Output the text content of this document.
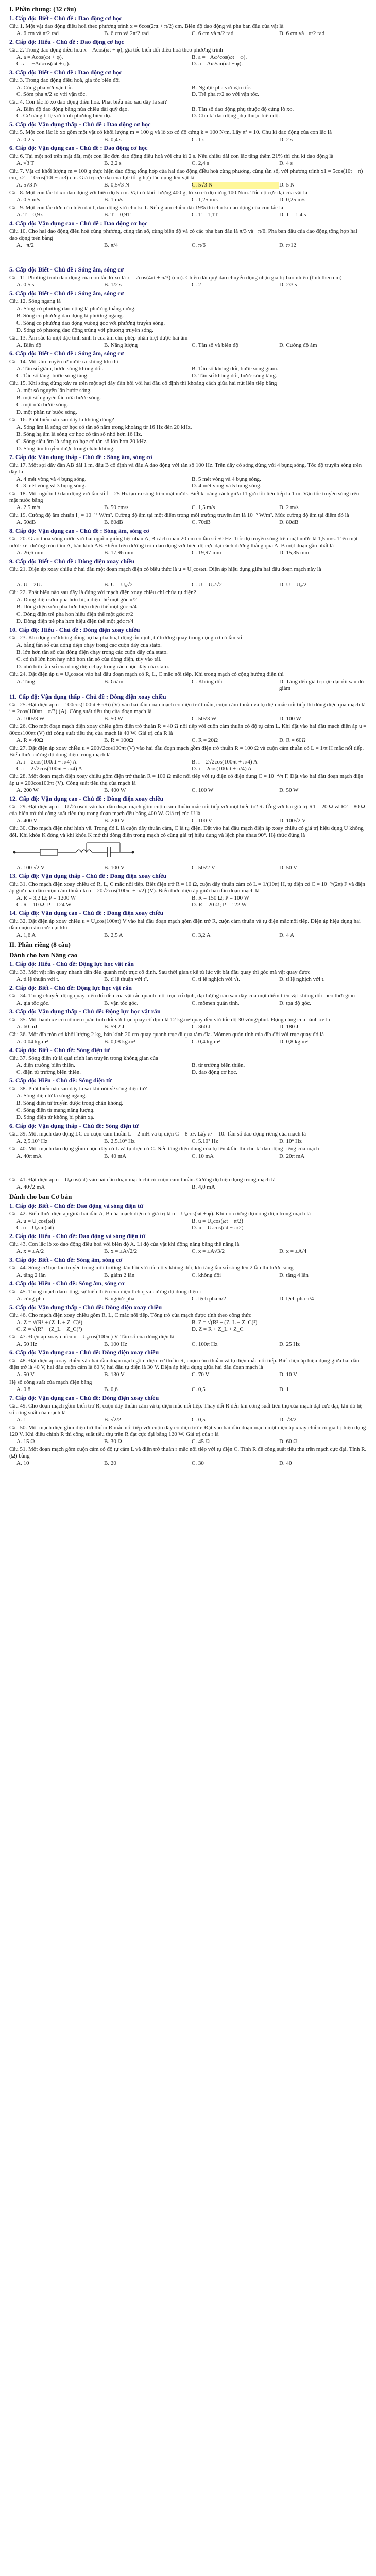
I. Phần chung: (32 câu)
1. Cấp độ: Biết - Chủ đề : Dao động cơ học
Câu 1. Một vật dao động điều hoà theo phương trình x = 6cos(2πt + π/2) cm. Biên độ dao động và pha ban đầu của vật là
A. 6 cm và π/2 rad	B. 6 cm và 2π/2 rad	C. 6 cm và π/2 rad	D. 6 cm và −π/2 rad
2. Cấp độ: Hiểu - Chủ đề : Dao động cơ học
Câu 2. Trong dao động điều hoà x = Acos(ωt + φ), gia tốc biến đổi điều hoà theo phương trình
A. a = Acos(ωt + φ).	B. a = −Aω²cos(ωt + φ).
C. a = −Aωcos(ωt + φ).	D. a = Aω²sin(ωt + φ).
3. Cấp độ: Biết - Chủ đề : Dao động cơ học
Câu 3. Trong dao động điều hoà, gia tốc biến đổi
A. Cùng pha với vận tốc.	B. Ngược pha với vận tốc.
C. Sớm pha π/2 so với vận tốc.	D. Trễ pha π/2 so với vận tốc.
Câu 4. Con lắc lò xo dao động điều hoà. Phát biểu nào sau đây là sai?
A. Biên độ dao động bằng nửa chiều dài quỹ đạo.	B. Tần số dao động phụ thuộc độ cứng lò xo.
C. Cơ năng tỉ lệ với bình phương biên độ.	D. Chu kì dao động phụ thuộc biên độ.
5. Cấp độ: Vận dụng thấp - Chủ đề : Dao động cơ học
Câu 5. Một con lắc lò xo gồm một vật có khối lượng m = 100 g và lò xo có độ cứng k = 100 N/m. Lấy π² = 10. Chu kì dao động của con lắc là
A. 0,2 s	B. 0,4 s	C. 1 s	D. 2 s
6. Cấp độ: Vận dụng cao - Chủ đề : Dao động cơ học
Câu 6. Tại một nơi trên mặt đất, một con lắc đơn dao động điều hoà với chu kì 2 s. Nếu chiều dài con lắc tăng thêm 21% thì chu kì dao động là
A. √3 T	B. 2,2 s	C. 2,4 s	D. 4 s
Câu 7. Vật có khối lượng m = 100 g thực hiện dao động tổng hợp của hai dao động điều hoà cùng phương, cùng tần số, với phương trình x1 = 5cos(10t + π) cm, x2 = 10cos(10t − π/3) cm. Giá trị cực đại của lực tổng hợp tác dụng lên vật là
A. 5√3 N	B. 0,5√3 N	C. 5√3 N	D. 5 N
Câu 8. Một con lắc lò xo dao động với biên độ 5 cm. Vật có khối lượng 400 g, lò xo có độ cứng 100 N/m. Tốc độ cực đại của vật là
A. 0,5 m/s	B. 1 m/s	C. 1,25 m/s	D. 0,25 m/s
Câu 9. Một con lắc đơn có chiều dài l, dao động với chu kì T. Nếu giảm chiều dài 19% thì chu kì dao động của con lắc là
A. T = 0,9 s	B. T = 0,9T	C. T = 1,1T	D. T = 1,4 s
4. Cấp độ: Vận dụng cao - Chủ đề : Dao động cơ học
Câu 10. Cho hai dao động điều hoà cùng phương, cùng tần số, cùng biên độ và có các pha ban đầu là π/3 và −π/6. Pha ban đầu của dao động tổng hợp hai dao động trên bằng
A. −π/2	B. π/4	C. π/6	D. π/12
5. Cấp độ: Biết - Chủ đề : Sóng âm, sóng cơ
Câu 11. Phương trình dao động của con lắc lò xo là x = 2cos(4πt + π/3) (cm). Chiều dài quỹ đạo chuyển động nhận giá trị bao nhiêu (tính theo cm)
A. 0,5 s	B. 1/2 s	C. 2	D. 2/3 s
5. Cấp độ: Biết - Chủ đề : Sóng âm, sóng cơ
Câu 12. Sóng ngang là
A. Sóng có phương dao động là phương thẳng đứng.
B. Sóng có phương dao động là phương ngang.
C. Sóng có phương dao động vuông góc với phương truyền sóng.
D. Sóng có phương dao động trùng với phương truyền sóng.
Câu 13. Âm sắc là một đặc tính sinh lí của âm cho phép phân biệt được hai âm
A. Biên độ	B. Năng lượng	C. Tần số và biên độ	D. Cường độ âm
6. Cấp độ: Biết - Chủ đề : Sóng âm, sóng cơ
Câu 14. Một âm truyền từ nước ra không khí thì
A. Tần số giảm, bước sóng không đổi.	B. Tần số không đổi, bước sóng giảm.
C. Tần số tăng, bước sóng tăng.	D. Tần số không đổi, bước sóng tăng.
Câu 15. Khi sóng dừng xảy ra trên một sợi dây đàn hồi với hai đầu cố định thì khoảng cách giữa hai nút liên tiếp bằng
A. một số nguyên lần bước sóng.
B. một số nguyên lần nửa bước sóng.
C. một nửa bước sóng.
D. một phần tư bước sóng.
Câu 16. Phát biểu nào sau đây là không đúng?
A. Sóng âm là sóng cơ học có tần số nằm trong khoảng từ 16 Hz đến 20 kHz.
B. Sóng hạ âm là sóng cơ học có tần số nhỏ hơn 16 Hz.
C. Sóng siêu âm là sóng cơ học có tần số lớn hơn 20 kHz.
D. Sóng âm truyền được trong chân không.
7. Cấp độ: Vận dụng thấp - Chủ đề : Sóng âm, sóng cơ
Câu 17. Một sợi dây đàn AB dài 1 m, đầu B cố định và đầu A dao động với tần số 100 Hz. Trên dây có sóng dừng với 4 bụng sóng. Tốc độ truyền sóng trên dây là
A. 4 mét vòng và 4 bụng sóng.	B. 5 mét vòng và 4 bụng sóng.
C. 3 mét vòng và 3 bụng sóng.	D. 4 mét vòng và 5 bụng sóng.
Câu 18. Một nguồn O dao động với tần số f = 25 Hz tạo ra sóng trên mặt nước. Biết khoảng cách giữa 11 gợn lồi liên tiếp là 1 m. Vận tốc truyền sóng trên mặt nước bằng
A. 2,5 m/s	B. 50 cm/s	C. 1,5 m/s	D. 2 m/s
Câu 19. Cường độ âm chuẩn I₀ = 10⁻¹² W/m². Cường độ âm tại một điểm trong môi trường truyền âm là 10⁻⁵ W/m². Mức cường độ âm tại điểm đó là
A. 50dB	B. 60dB	C. 70dB	D. 80dB
8. Cấp độ: Vận dụng cao - Chủ đề : Sóng âm, sóng cơ
Câu 20. Giao thoa sóng nước với hai nguồn giống hệt nhau A, B cách nhau 20 cm có tần số 50 Hz. Tốc độ truyền sóng trên mặt nước là 1,5 m/s. Trên mặt nước xét đường tròn tâm A, bán kính AB. Điểm trên đường tròn dao động với biên độ cực đại cách đường thẳng qua A, B một đoạn gần nhất là
A. 26,6 mm	B. 17,96 mm	C. 19,97 mm	D. 15,35 mm
9. Cấp độ: Biết - Chủ đề : Dòng điện xoay chiều
Câu 21. Điện áp xoay chiều ở hai đầu một đoạn mạch điện có biểu thức là u = U₀cosωt. Điện áp hiệu dụng giữa hai đầu đoạn mạch này là
A. U = 2U₀	B. U = U₀√2	C. U = U₀/√2	D. U = U₀/2
Câu 22. Phát biểu nào sau đây là đúng với mạch điện xoay chiều chỉ chứa tụ điện?
A. Dòng điện sớm pha hơn hiệu điện thế một góc π/2
B. Dòng điện sớm pha hơn hiệu điện thế một góc π/4
C. Dòng điện trễ pha hơn hiệu điện thế một góc π/2
D. Dòng điện trễ pha hơn hiệu điện thế một góc π/4
10. Cấp độ: Hiểu - Chủ đề : Dòng điện xoay chiều
Câu 23. Khi động cơ không đồng bộ ba pha hoạt động ổn định, từ trường quay trong động cơ có tần số
A. bằng tần số của dòng điện chạy trong các cuộn dây của stato.
B. lớn hơn tần số của dòng điện chạy trong các cuộn dây của stato.
C. có thể lớn hơn hay nhỏ hơn tần số của dòng điện, tùy vào tải.
D. nhỏ hơn tần số của dòng điện chạy trong các cuộn dây của stato.
Câu 24. Đặt điện áp u = U₀cosωt vào hai đầu đoạn mạch có R, L, C mắc nối tiếp. Khi trong mạch có cộng hưởng điện thì
A. Tăng	B. Giảm	C. Không đổi	D. Tăng đến giá trị cực đại rồi sau đó giảm
11. Cấp độ: Vận dụng thấp - Chủ đề : Dòng điện xoay chiều
Câu 25. Đặt điện áp u = 100cos(100πt + π/6) (V) vào hai đầu đoạn mạch có điện trở thuần, cuộn cảm thuần và tụ điện mắc nối tiếp thì dòng điện qua mạch là i = 2cos(100πt + π/3) (A). Công suất tiêu thụ của đoạn mạch là
A. 100√3 W	B. 50 W	C. 50√3 W	D. 100 W
Câu 26. Cho một đoạn mạch điện xoay chiều gồm điện trở thuần R = 40 Ω nối tiếp với cuộn cảm thuần có độ tự cảm L. Khi đặt vào hai đầu mạch điện áp u = 80cos100πt (V) thì công suất tiêu thụ của mạch là 40 W. Giá trị của R là
A. R = 40Ω	B. R = 100Ω	C. R = 20Ω	D. R = 60Ω
Câu 27. Đặt điện áp xoay chiều u = 200√2cos100πt (V) vào hai đầu đoạn mạch gồm điện trở thuần R = 100 Ω và cuộn cảm thuần có L = 1/π H mắc nối tiếp. Biểu thức cường độ dòng điện trong mạch là
A. i = 2cos(100πt − π/4) A	B. i = 2√2cos(100πt + π/4) A
C. i = 2√2cos(100πt − π/4) A	D. i = 2cos(100πt + π/4) A
Câu 28. Một đoạn mạch điện xoay chiều gồm điện trở thuần R = 100 Ω mắc nối tiếp với tụ điện có điện dung C = 10⁻⁴/π F. Đặt vào hai đầu đoạn mạch điện áp u = 200cos100πt (V). Công suất tiêu thụ của mạch là
A. 200 W	B. 400 W	C. 100 W	D. 50 W
12. Cấp độ: Vận dụng cao - Chủ đề : Dòng điện xoay chiều
Câu 29. Đặt điện áp u = U√2cosωt vào hai đầu đoạn mạch gồm cuộn cảm thuần mắc nối tiếp với một biến trở R. Ứng với hai giá trị R1 = 20 Ω và R2 = 80 Ω của biến trở thì công suất tiêu thụ trong đoạn mạch đều bằng 400 W. Giá trị của U là
A. 400 V	B. 200 V	C. 100 V	D. 100√2 V
Câu 30. Cho mạch điện như hình vẽ. Trong đó L là cuộn dây thuần cảm, C là tụ điện. Đặt vào hai đầu mạch điện áp xoay chiều có giá trị hiệu dụng U không đổi. Khi khóa K đóng và khi khóa K mở thì dòng điện trong mạch có cùng giá trị hiệu dụng và lệch pha nhau 90°. Hệ thức đúng là
A. 100 √2 V	B. 100 V	C. 50√2 V	D. 50 V
13. Cấp độ: Vận dụng thấp - Chủ đề : Dòng điện xoay chiều
Câu 31. Cho mạch điện xoay chiều có R, L, C mắc nối tiếp. Biết điện trở R = 10 Ω, cuộn dây thuần cảm có L = 1/(10π) H, tụ điện có C = 10⁻³/(2π) F và điện áp giữa hai đầu cuộn cảm thuần là u = 20√2cos(100πt + π/2) (V). Biểu thức điện áp giữa hai đầu đoạn mạch là
A. R = 3,2 Ω; P = 1200 W	B. R = 150 Ω; P = 100 W
C. R = 10 Ω; P = 124 W	D. R = 20 Ω; P = 122 W
14. Cấp độ: Vận dụng cao - Chủ đề : Dòng điện xoay chiều
Câu 32. Đặt điện áp xoay chiều u = U₀cos(100πt) V vào hai đầu đoạn mạch gồm điện trở R, cuộn cảm thuần và tụ điện mắc nối tiếp. Điện áp hiệu dụng hai đầu cuộn cảm cực đại khi
A. 1,6 A	B. 2,5 A	C. 3,2 A	D. 4 A
II. Phần riêng (8 câu)
Dành cho ban Nâng cao
1. Cấp độ: Hiểu - Chủ đề: Động lực học vật rắn
Câu 33. Một vật rắn quay nhanh dần đều quanh một trục cố định. Sau thời gian t kể từ lúc vật bắt đầu quay thì góc mà vật quay được
A. tỉ lệ thuận với t.	B. tỉ lệ thuận với t².	C. tỉ lệ nghịch với √t.	D. tỉ lệ nghịch với t.
2. Cấp độ: Biết - Chủ đề: Động lực học vật rắn
Câu 34. Trong chuyển động quay biến đổi đều của vật rắn quanh một trục cố định, đại lượng nào sau đây của một điểm trên vật không đổi theo thời gian
A. gia tốc góc.	B. vận tốc góc.	C. mômen quán tính.	D. tọa độ góc.
3. Cấp độ: Vận dụng thấp - Chủ đề: Động lực học vật rắn
Câu 35. Một bánh xe có mômen quán tính đối với trục quay cố định là 12 kg.m² quay đều với tốc độ 30 vòng/phút. Động năng của bánh xe là
A. 60 mJ	B. 59,2 J	C. 360 J	D. 180 J
Câu 36. Một đĩa tròn có khối lượng 2 kg, bán kính 20 cm quay quanh trục đi qua tâm đĩa. Mômen quán tính của đĩa đối với trục quay đó là
A. 0,04 kg.m²	B. 0,08 kg.m²	C. 0,4 kg.m²	D. 0,8 kg.m²
4. Cấp độ: Biết - Chủ đề: Sóng điện từ
Câu 37. Sóng điện từ là quá trình lan truyền trong không gian của
A. điện trường biến thiên.	B. từ trường biến thiên.
C. điện từ trường biến thiên.	D. dao động cơ học.
5. Cấp độ: Hiểu - Chủ đề: Sóng điện từ
Câu 38. Phát biểu nào sau đây là sai khi nói về sóng điện từ?
A. Sóng điện từ là sóng ngang.
B. Sóng điện từ truyền được trong chân không.
C. Sóng điện từ mang năng lượng.
D. Sóng điện từ không bị phản xạ.
6. Cấp độ: Vận dụng thấp - Chủ đề: Sóng điện từ
Câu 39. Một mạch dao động LC có cuộn cảm thuần L = 2 mH và tụ điện C = 8 pF. Lấy π² = 10. Tần số dao động riêng của mạch là
A. 2,5.10⁵ Hz	B. 2,5.10⁶ Hz	C. 5.10⁵ Hz	D. 10⁶ Hz
Câu 40. Một mạch dao động gồm cuộn dây có L và tụ điện có C. Nếu tăng điện dung của tụ lên 4 lần thì chu kì dao động riêng của mạch
A. 40π mA	B. 40 mA	C. 10 mA	D. 20π mA
Câu 41. Đặt điện áp u = U₀cos(ωt) vào hai đầu đoạn mạch chỉ có cuộn cảm thuần. Cường độ hiệu dụng trong mạch là
A. 40√2 mA	B. 4,0 mA
Dành cho ban Cơ bản
1. Cấp độ: Biết - Chủ đề: Dao động và sóng điện từ
Câu 42. Biểu thức điện áp giữa hai đầu A, B của mạch điện có giá trị là u = U₀cos(ωt + φ). Khi đó cường độ dòng điện trong mạch là
A. u = U₀cos(ωt)	B. u = U₀cos(ωt + π/2)
C. u = U₀sin(ωt)	D. u = U₀cos(ωt − π/2)
2. Cấp độ: Hiểu - Chủ đề: Dao động và sóng điện từ
Câu 43. Con lắc lò xo dao động điều hoà với biên độ A. Li độ của vật khi động năng bằng thế năng là
A. x = ±A/2	B. x = ±A√2/2	C. x = ±A√3/2	D. x = ±A/4
3. Cấp độ: Biết - Chủ đề: Sóng âm, sóng cơ
Câu 44. Sóng cơ học lan truyền trong môi trường đàn hồi với tốc độ v không đổi, khi tăng tần số sóng lên 2 lần thì bước sóng
A. tăng 2 lần	B. giảm 2 lần	C. không đổi	D. tăng 4 lần
4. Cấp độ: Hiểu - Chủ đề: Sóng âm, sóng cơ
Câu 45. Trong mạch dao động, sự biến thiên của điện tích q và cường độ dòng điện i
A. cùng pha	B. ngược pha	C. lệch pha π/2	D. lệch pha π/4
5. Cấp độ: Vận dụng thấp - Chủ đề: Dòng điện xoay chiều
Câu 46. Cho mạch điện xoay chiều gồm R, L, C mắc nối tiếp. Tổng trở của mạch được tính theo công thức
A. Z = √(R² + (Z_L + Z_C)²)	B. Z = √(R² + (Z_L − Z_C)²)
C. Z = √(R² − (Z_L − Z_C)²)	D. Z = R + Z_L + Z_C
Câu 47. Điện áp xoay chiều u = U₀cos(100πt) V. Tần số của dòng điện là
A. 50 Hz	B. 100 Hz	C. 100π Hz	D. 25 Hz
6. Cấp độ: Vận dụng cao - Chủ đề: Dòng điện xoay chiều
Câu 48. Đặt điện áp xoay chiều vào hai đầu đoạn mạch gồm điện trở thuần R, cuộn cảm thuần và tụ điện mắc nối tiếp. Biết điện áp hiệu dụng giữa hai đầu điện trở là 40 V, hai đầu cuộn cảm là 60 V, hai đầu tụ điện là 30 V. Điện áp hiệu dụng giữa hai đầu đoạn mạch là
A. 50 V	B. 130 V	C. 70 V	D. 10 V
Hệ số công suất của mạch điện bằng
A. 0,8	B. 0,6	C. 0,5	D. 1
7. Cấp độ: Vận dụng cao - Chủ đề: Dòng điện xoay chiều
Câu 49. Cho đoạn mạch gồm biến trở R, cuộn dây thuần cảm và tụ điện mắc nối tiếp. Thay đổi R đến khi công suất tiêu thụ của mạch đạt cực đại, khi đó hệ số công suất của mạch là
A. 1	B. √2/2	C. 0,5	D. √3/2
Câu 50. Một mạch điện gồm điện trở thuần R mắc nối tiếp với cuộn dây có điện trở r. Đặt vào hai đầu đoạn mạch một điện áp xoay chiều có giá trị hiệu dụng 120 V. Khi điều chỉnh R thì công suất tiêu thụ trên R đạt cực đại bằng 120 W. Giá trị của r là
A. 15 Ω	B. 30 Ω	C. 45 Ω	D. 60 Ω
Câu 51. Một đoạn mạch gồm cuộn cảm có độ tự cảm L và điện trở thuần r mắc nối tiếp với tụ điện C. Tính R để công suất tiêu thụ trên mạch cực đại. Tính R.(Ω) bằng
A. 10	B. 20	C. 30	D. 40
